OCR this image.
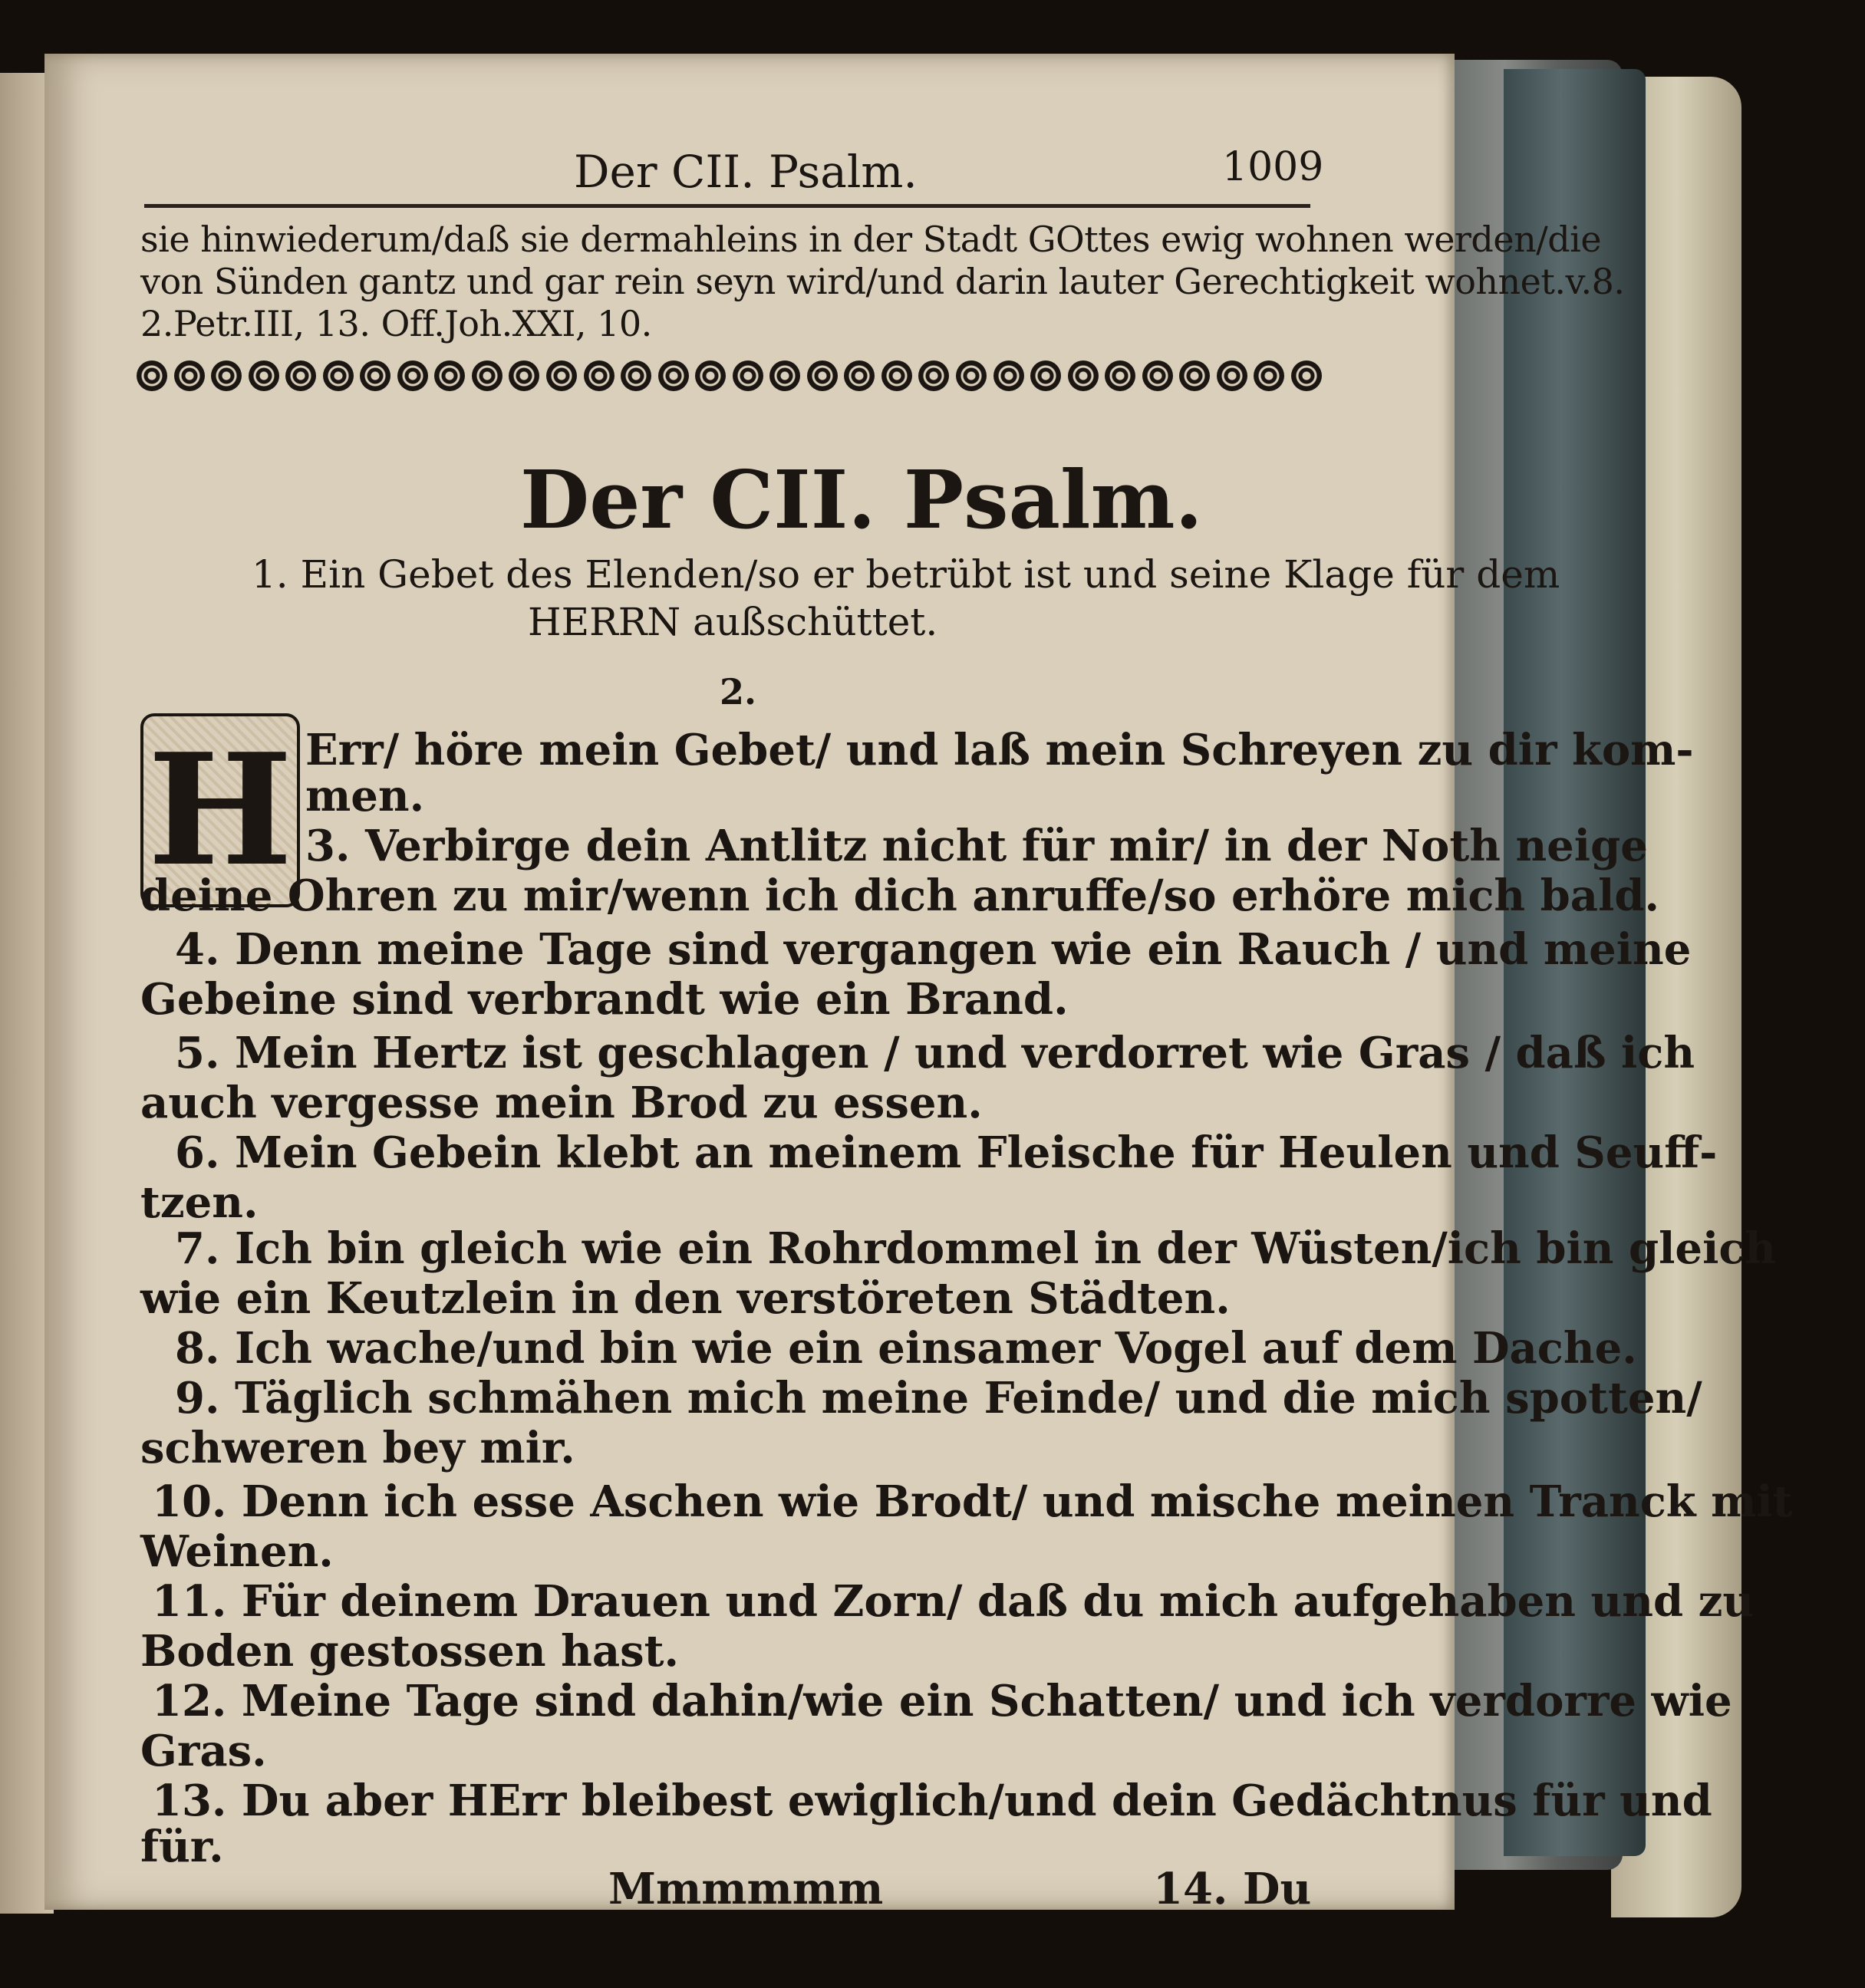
Der CII. Psalm.	1009
sie hinwiederum/daß sie dermahleins in der Stadt GOttes ewig wohnen werden/die
von Sünden gantz und gar rein seyn wird/und darin lauter Gerechtigkeit wohnet.v.8.
2.Petr.III, 13. Off.Joh.XXI, 10.
Der CII. Psalm.
1. Ein Gebet des Elenden/so er betrübt ist und seine Klage für dem
HERRN außschüttet.
2.
H Err/ höre mein Gebet/ und laß mein Schreyen zu dir kom-
men.
3. Verbirge dein Antlitz nicht für mir/ in der Noth neige
deine Ohren zu mir/wenn ich dich anruffe/so erhöre mich bald.
4. Denn meine Tage sind vergangen wie ein Rauch / und meine
Gebeine sind verbrandt wie ein Brand.
5. Mein Hertz ist geschlagen / und verdorret wie Gras / daß ich
auch vergesse mein Brod zu essen.
6. Mein Gebein klebt an meinem Fleische für Heulen und Seuff-
tzen.
7. Ich bin gleich wie ein Rohrdommel in der Wüsten/ich bin gleich
wie ein Keutzlein in den verstöreten Städten.
8. Ich wache/und bin wie ein einsamer Vogel auf dem Dache.
9. Täglich schmähen mich meine Feinde/ und die mich spotten/
schweren bey mir.
10. Denn ich esse Aschen wie Brodt/ und mische meinen Tranck mit
Weinen.
11. Für deinem Drauen und Zorn/ daß du mich aufgehaben und zu
Boden gestossen hast.
12. Meine Tage sind dahin/wie ein Schatten/ und ich verdorre wie
Gras.
13. Du aber HErr bleibest ewiglich/und dein Gedächtnus für und
für.
Mmmmmm	14. Du
